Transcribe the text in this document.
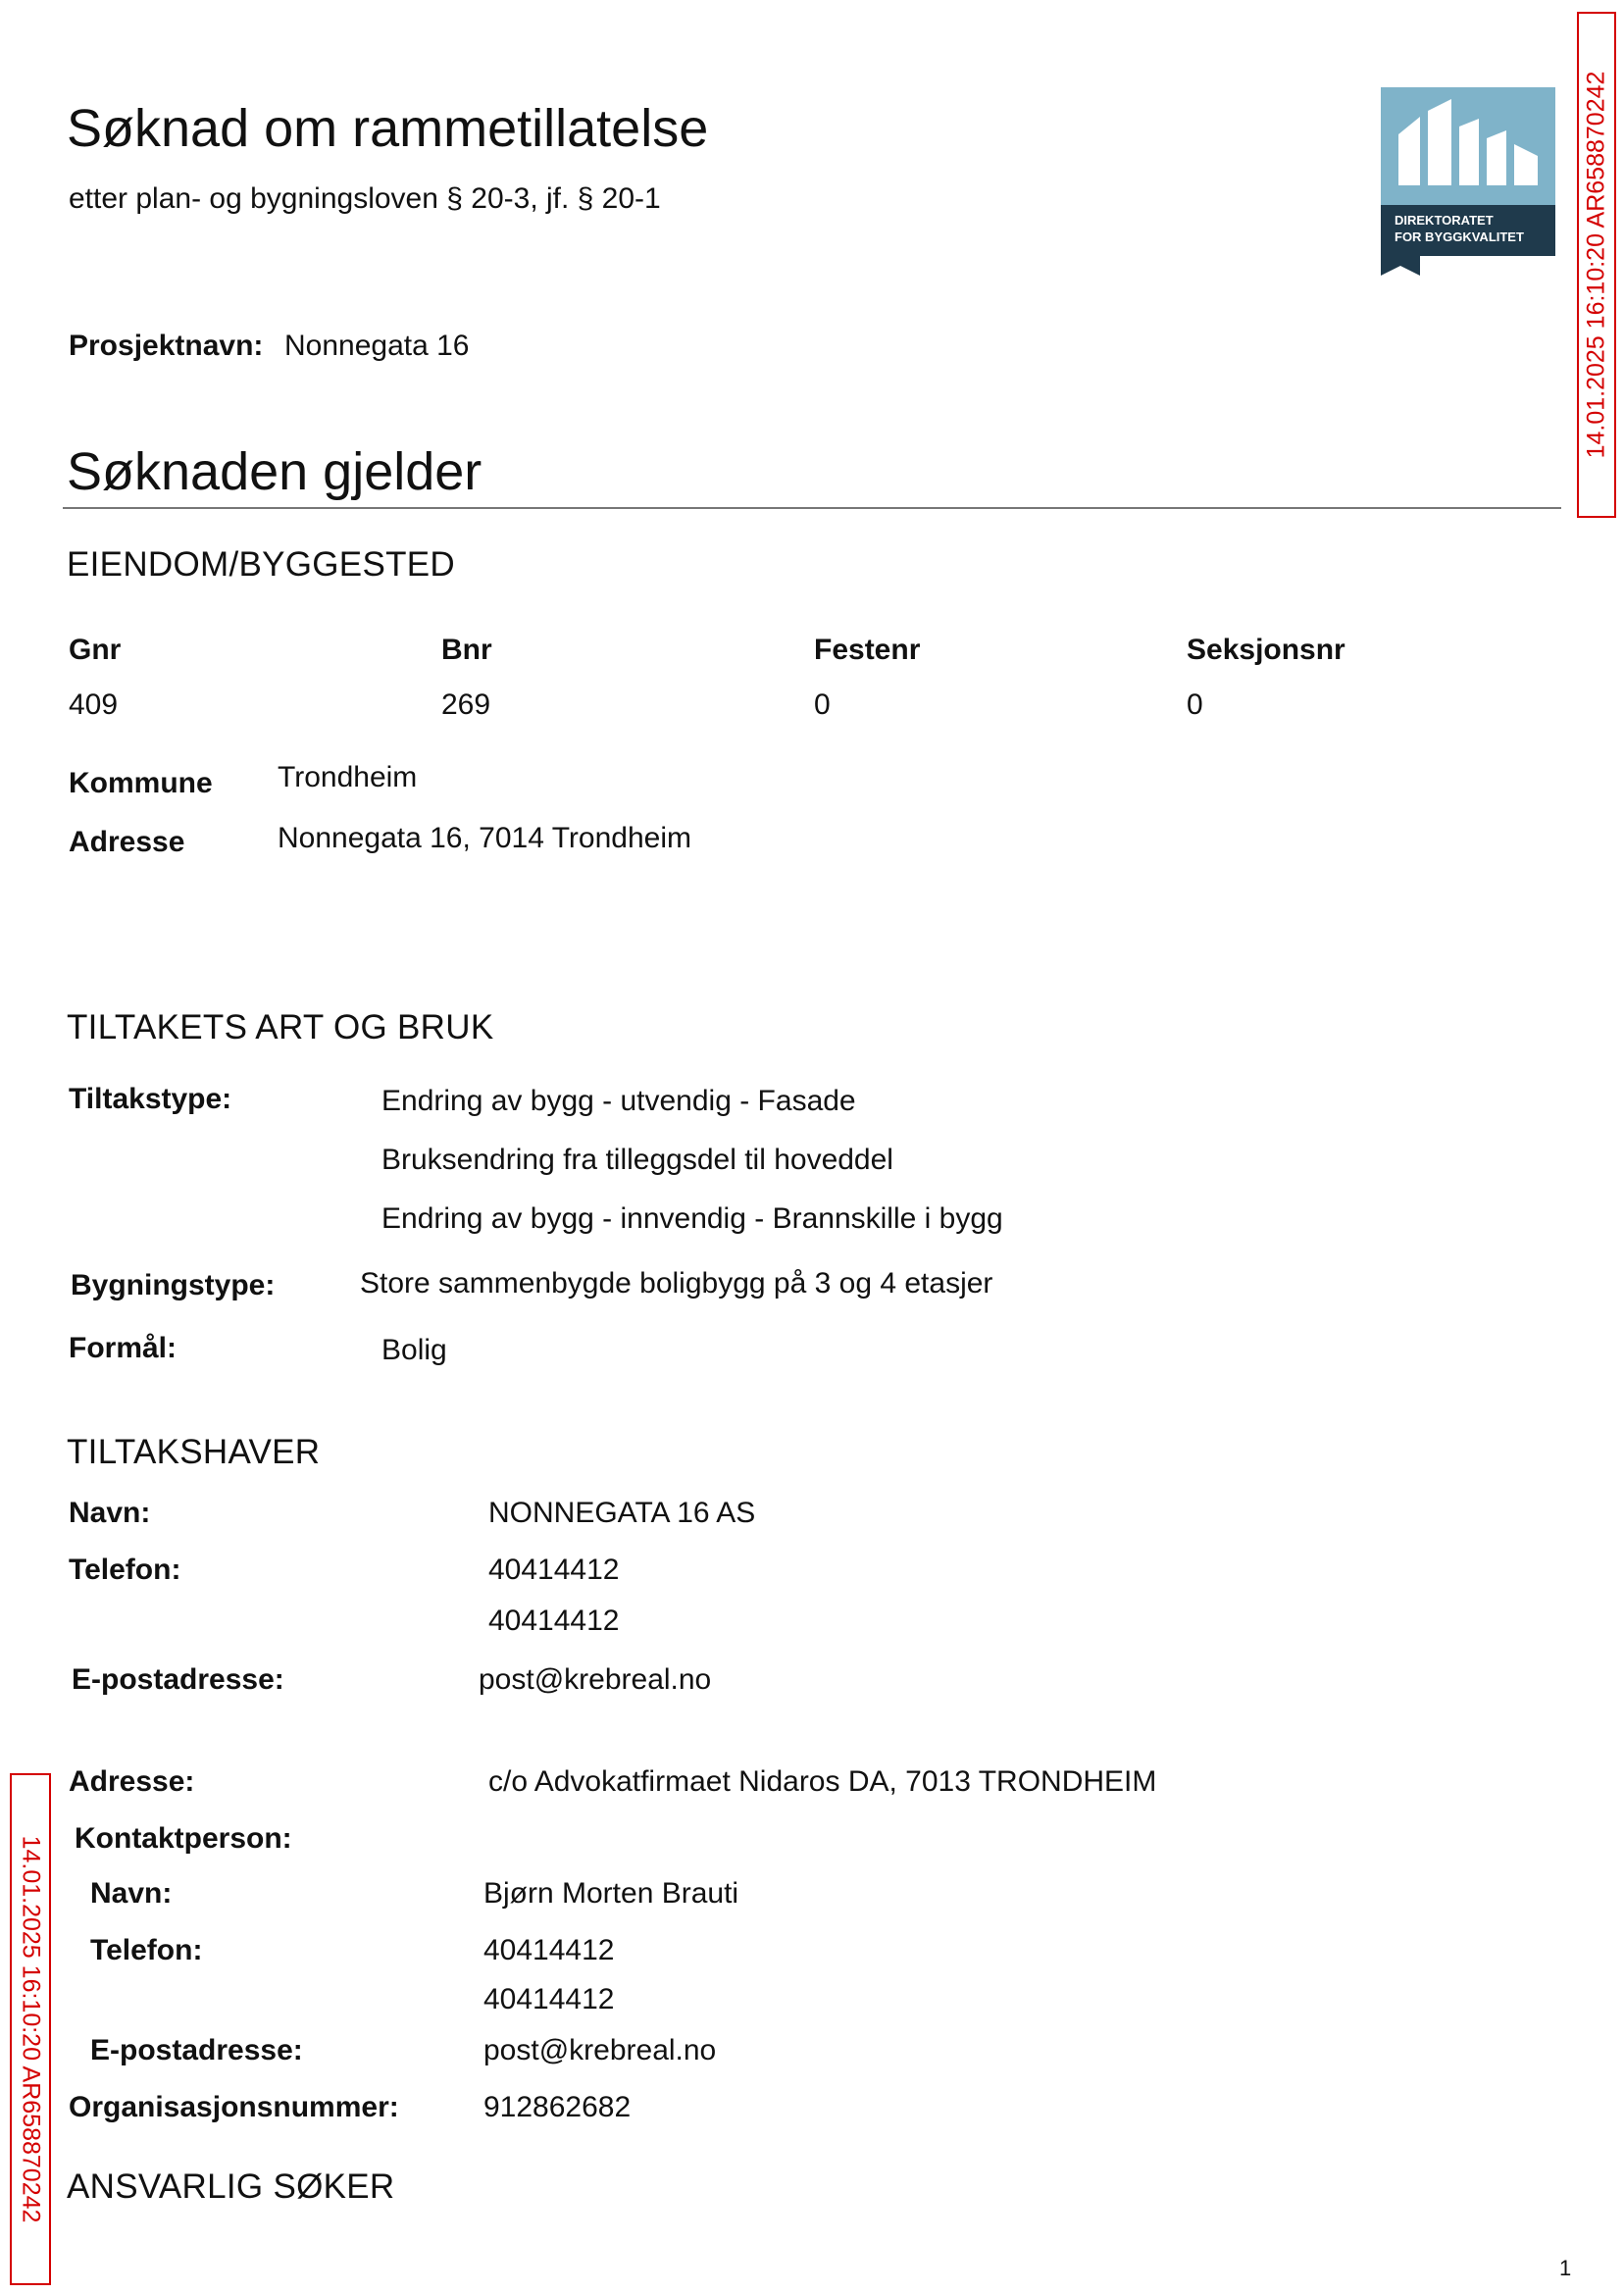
Søknad om rammetillatelse
etter plan- og bygningsloven § 20-3, jf. § 20-1
DIREKTORATET
FOR BYGGKVALITET
Prosjektnavn: Nonnegata 16
Søknaden gjelder
EIENDOM/BYGGESTED
Gnr	Bnr	Festenr	Seksjonsnr
409	269	0	0
Kommune Trondheim
Adresse	Nonnegata 16, 7014 Trondheim
TILTAKETS ART OG BRUK
Tiltakstype:	Endring av bygg - utvendig - Fasade
Bruksendring fra tilleggsdel til hoveddel
Endring av bygg - innvendig - Brannskille i bygg
Bygningstype:	Store sammenbygde boligbygg på 3 og 4 etasjer
Formål:	Bolig
TILTAKSHAVER
Navn:	NONNEGATA 16 AS
Telefon:	40414412
40414412
E-postadresse:	post@krebreal.no
Adresse:	c/o Advokatfirmaet Nidaros DA, 7013 TRONDHEIM
Kontaktperson:
Navn:	Bjørn Morten Brauti
Telefon:	40414412
40414412
E-postadresse:	post@krebreal.no
Organisasjonsnummer:	912862682
ANSVARLIG SØKER
1
14.01.2025 16:10:20 AR658870242
14.01.2025 16:10:20 AR658870242
